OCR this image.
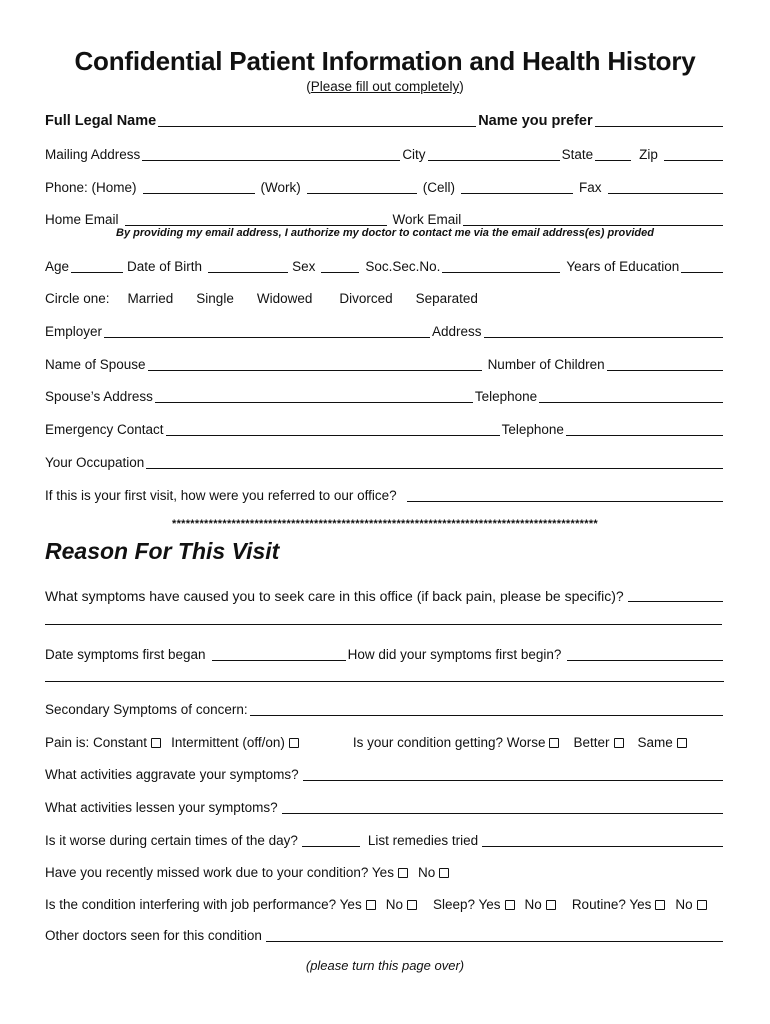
Confidential Patient Information and Health History
(Please fill out completely)
Full Legal Name	Name you prefer
Mailing Address	City	State	Zip
Phone: (Home)	(Work)	(Cell)	Fax
Home Email	Work Email
By providing my email address, I authorize my doctor to contact me via the email address(es) provided
Age	Date of Birth	Sex	Soc.Sec.No.	Years of Education
Circle one: Married Single Widowed Divorced Separated
Employer	Address
Name of Spouse	Number of Children
Spouse’s Address	Telephone
Emergency Contact	Telephone
Your Occupation
If this is your first visit, how were you referred to our office?
*********************************************************************************************
Reason For This Visit
What symptoms have caused you to seek care in this office (if back pain, please be specific)?
Date symptoms first began	How did your symptoms first begin?
Secondary Symptoms of concern:
Pain is: Constant Intermittent (off/on)	Is your condition getting? Worse Better Same
What activities aggravate your symptoms?
What activities lessen your symptoms?
Is it worse during certain times of the day?	List remedies tried
Have you recently missed work due to your condition? Yes No
Is the condition interfering with job performance? Yes No Sleep? Yes No Routine? Yes No
Other doctors seen for this condition
(please turn this page over)
